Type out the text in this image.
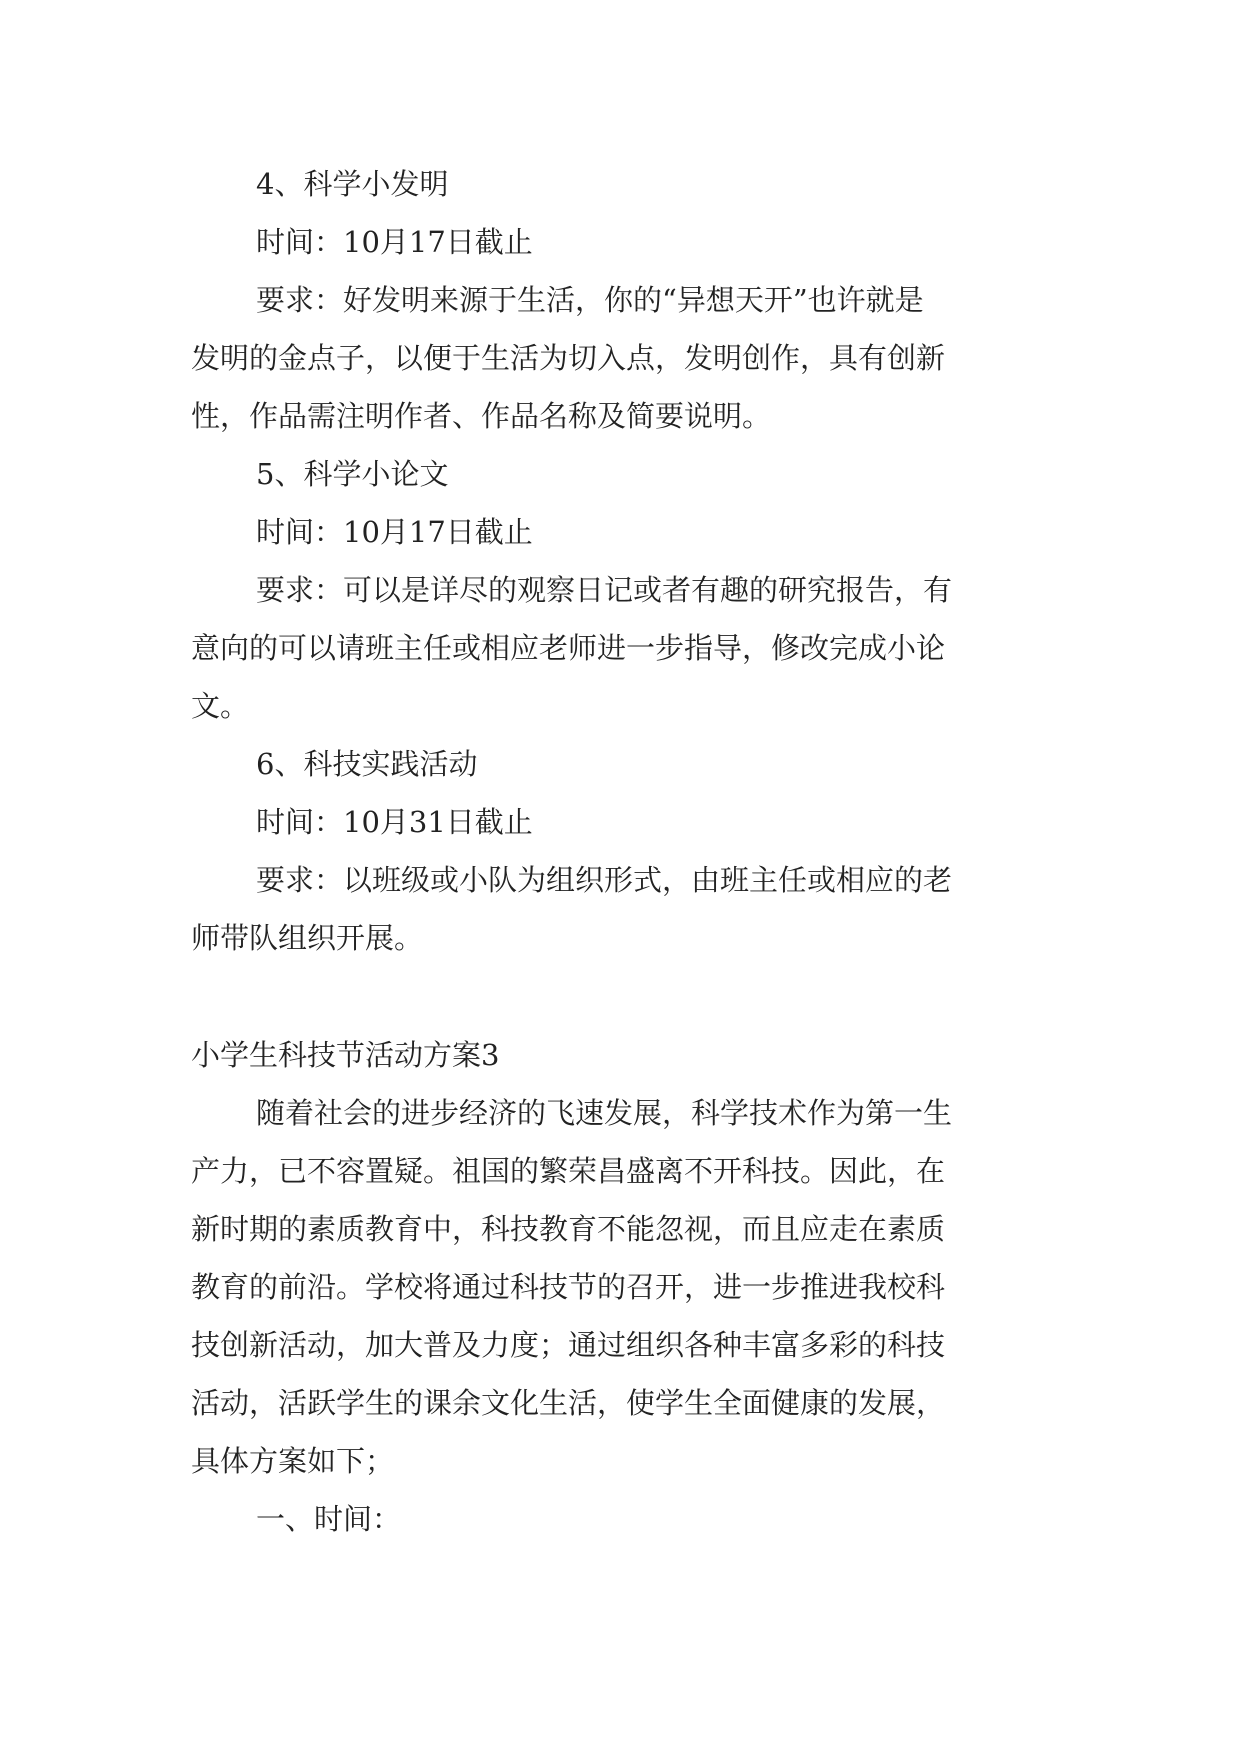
4、科学小发明

时间：10月17日截止

要求：好发明来源于生活，你的“异想天开”也许就是

发明的金点子，以便于生活为切入点，发明创作，具有创新

性，作品需注明作者、作品名称及简要说明。

5、科学小论文

时间：10月17日截止

要求：可以是详尽的观察日记或者有趣的研究报告，有

意向的可以请班主任或相应老师进一步指导，修改完成小论

文。

6、科技实践活动

时间：10月31日截止

要求：以班级或小队为组织形式，由班主任或相应的老

师带队组织开展。

小学生科技节活动方案3

随着社会的进步经济的飞速发展，科学技术作为第一生

产力，已不容置疑。祖国的繁荣昌盛离不开科技。因此，在

新时期的素质教育中，科技教育不能忽视，而且应走在素质

教育的前沿。学校将通过科技节的召开，进一步推进我校科

技创新活动，加大普及力度；通过组织各种丰富多彩的科技

活动，活跃学生的课余文化生活，使学生全面健康的发展，

具体方案如下；

一、时间：
